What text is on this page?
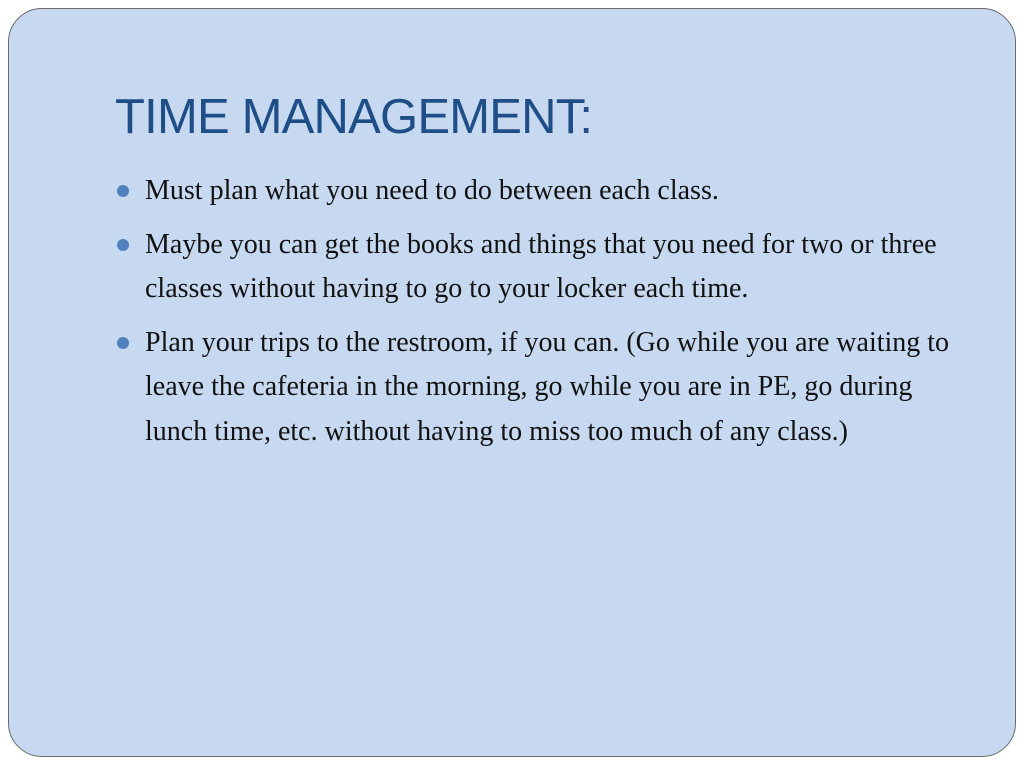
TIME MANAGEMENT:
Must plan what you need to do between each class.
Maybe you can get the books and things that you need for two or three classes without having to go to your locker each time.
Plan your trips to the restroom, if you can. (Go while you are waiting to leave the cafeteria in the morning, go while you are in PE, go during lunch time, etc. without having to miss too much of any class.)
